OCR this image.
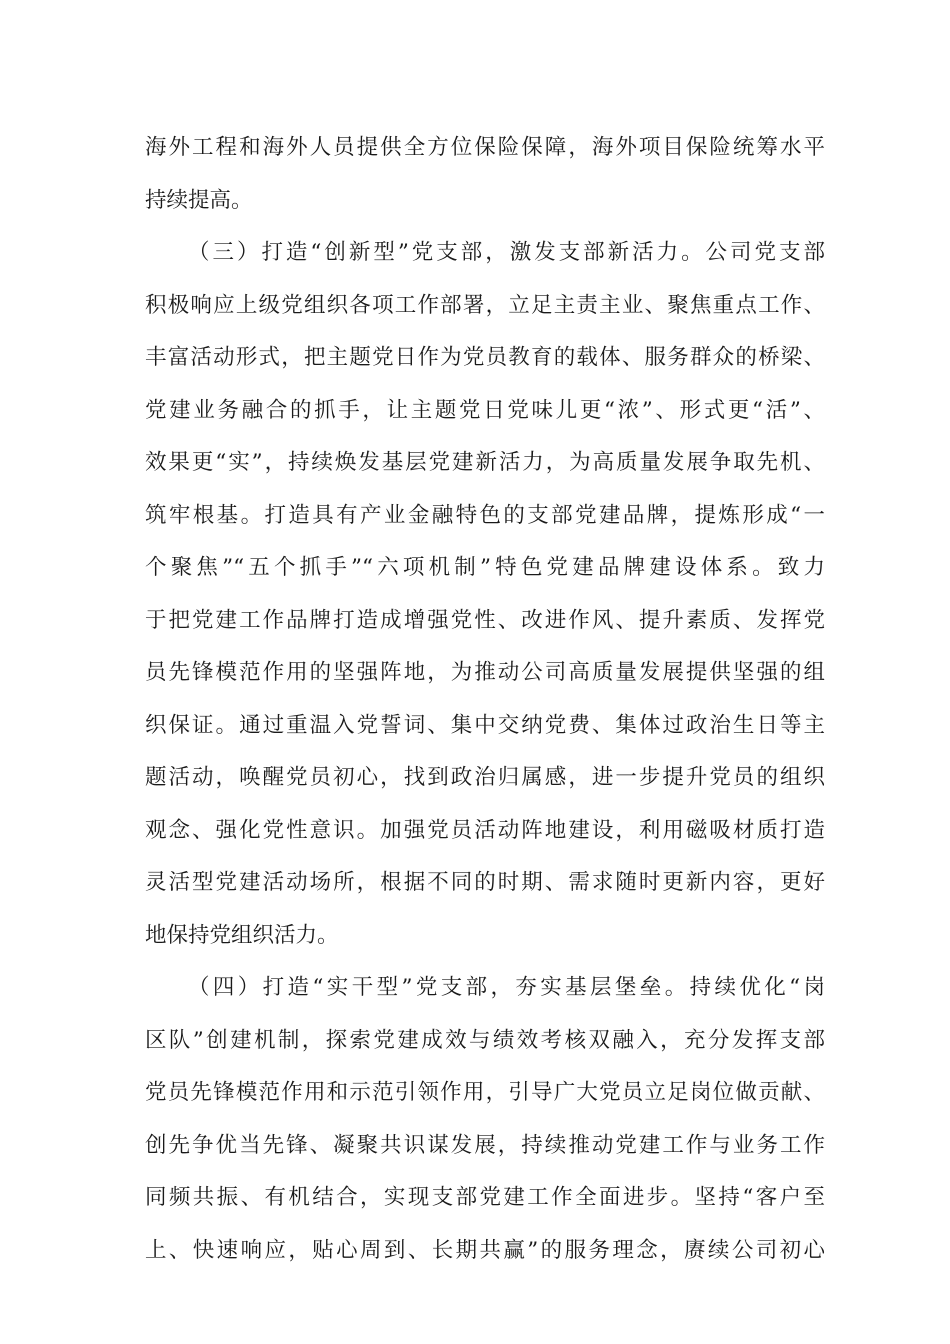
海外工程和海外人员提供全方位保险保障，海外项目保险统筹水平
持续提高。
（三）打造“创新型”党支部，激发支部新活力。公司党支部
积极响应上级党组织各项工作部署，立足主责主业、聚焦重点工作、
丰富活动形式，把主题党日作为党员教育的载体、服务群众的桥梁、
党建业务融合的抓手，让主题党日党味儿更“浓”、形式更“活”、
效果更“实”，持续焕发基层党建新活力，为高质量发展争取先机、
筑牢根基。打造具有产业金融特色的支部党建品牌，提炼形成“一
个聚焦”“五个抓手”“六项机制”特色党建品牌建设体系。致力
于把党建工作品牌打造成增强党性、改进作风、提升素质、发挥党
员先锋模范作用的坚强阵地，为推动公司高质量发展提供坚强的组
织保证。通过重温入党誓词、集中交纳党费、集体过政治生日等主
题活动，唤醒党员初心，找到政治归属感，进一步提升党员的组织
观念、强化党性意识。加强党员活动阵地建设，利用磁吸材质打造
灵活型党建活动场所，根据不同的时期、需求随时更新内容，更好
地保持党组织活力。
（四）打造“实干型”党支部，夯实基层堡垒。持续优化“岗
区队”创建机制，探索党建成效与绩效考核双融入，充分发挥支部
党员先锋模范作用和示范引领作用，引导广大党员立足岗位做贡献、
创先争优当先锋、凝聚共识谋发展，持续推动党建工作与业务工作
同频共振、有机结合，实现支部党建工作全面进步。坚持“客户至
上、快速响应，贴心周到、长期共赢”的服务理念，赓续公司初心
